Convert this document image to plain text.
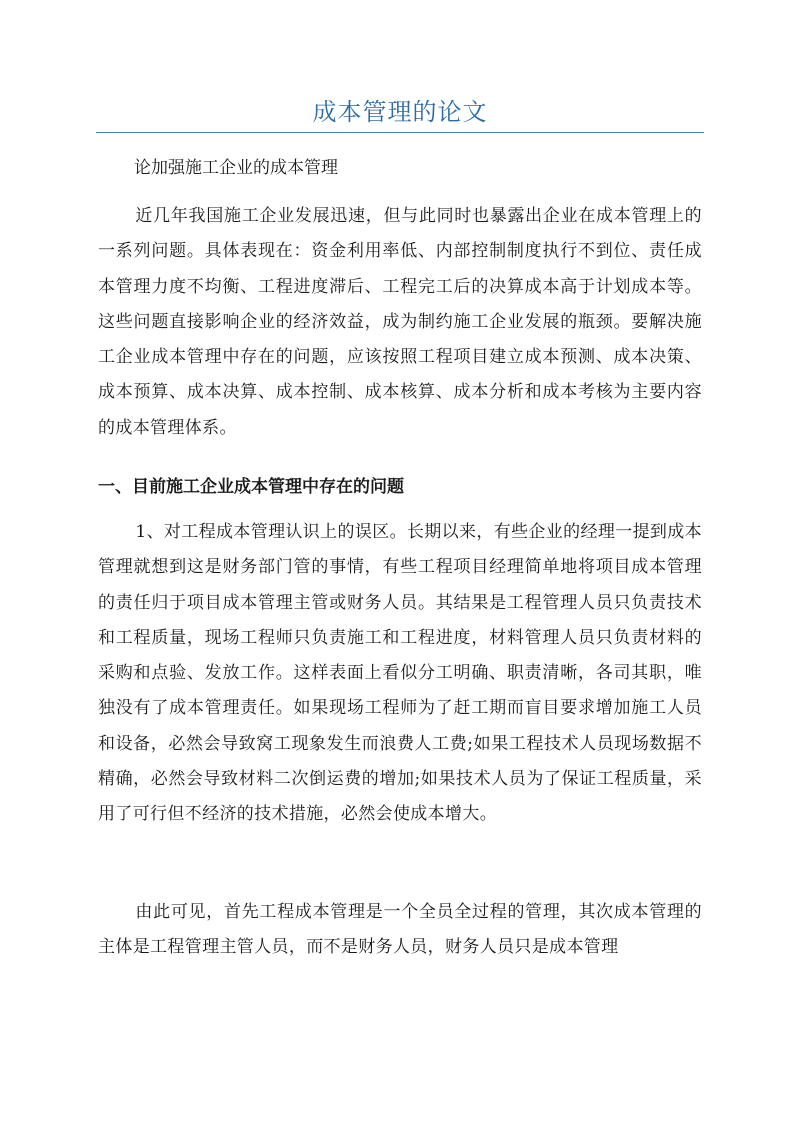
成本管理的论文
论加强施工企业的成本管理

近几年我国施工企业发展迅速，但与此同时也暴露出企业在成本管理上的一系列问题。具体表现在：资金利用率低、内部控制制度执行不到位、责任成本管理力度不均衡、工程进度滞后、工程完工后的决算成本高于计划成本等。这些问题直接影响企业的经济效益，成为制约施工企业发展的瓶颈。要解决施工企业成本管理中存在的问题，应该按照工程项目建立成本预测、成本决策、成本预算、成本决算、成本控制、成本核算、成本分析和成本考核为主要内容的成本管理体系。

一、目前施工企业成本管理中存在的问题

1、对工程成本管理认识上的误区。长期以来，有些企业的经理一提到成本管理就想到这是财务部门管的事情，有些工程项目经理简单地将项目成本管理的责任归于项目成本管理主管或财务人员。其结果是工程管理人员只负责技术和工程质量，现场工程师只负责施工和工程进度，材料管理人员只负责材料的采购和点验、发放工作。这样表面上看似分工明确、职责清晰，各司其职，唯独没有了成本管理责任。如果现场工程师为了赶工期而盲目要求增加施工人员和设备，必然会导致窝工现象发生而浪费人工费;如果工程技术人员现场数据不精确，必然会导致材料二次倒运费的增加;如果技术人员为了保证工程质量，采用了可行但不经济的技术措施，必然会使成本增大。

由此可见，首先工程成本管理是一个全员全过程的管理，其次成本管理的主体是工程管理主管人员，而不是财务人员，财务人员只是成本管理
